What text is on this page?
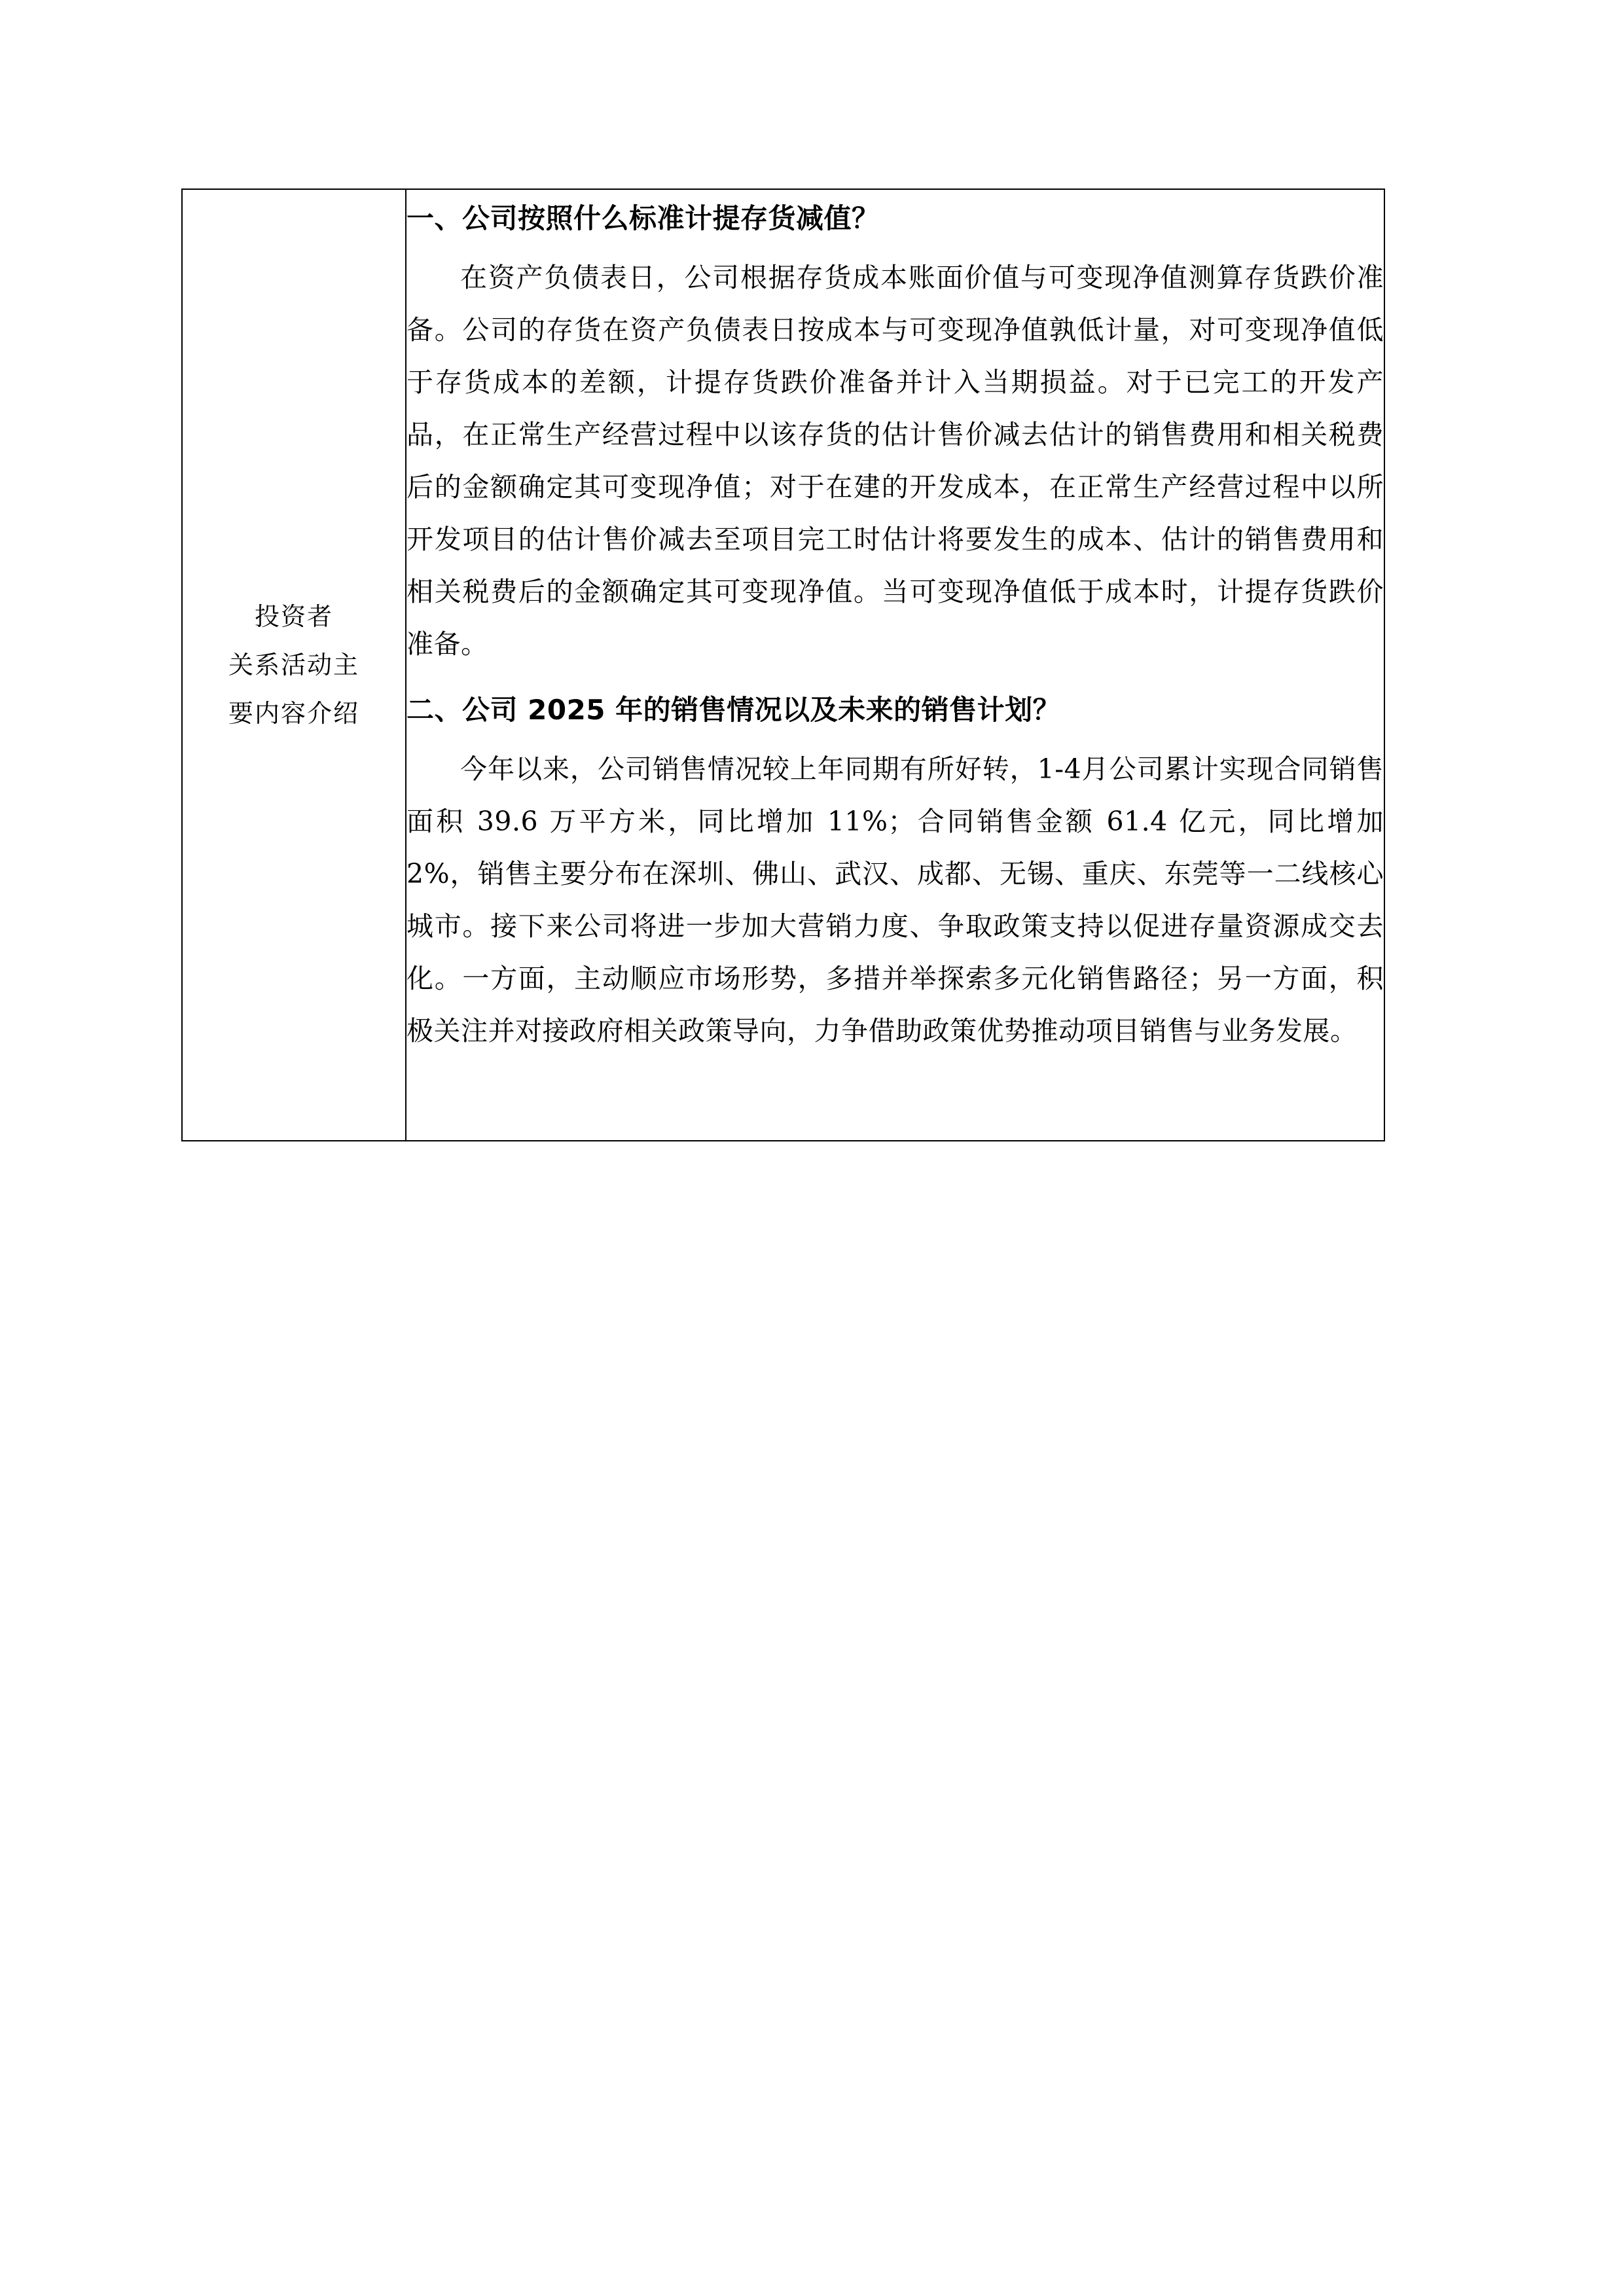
投资者
关系活动主
要内容介绍

一、公司按照什么标准计提存货减值？
在资产负债表日，公司根据存货成本账面价值与可变现净值测算存货跌价准备。公司的存货在资产负债表日按成本与可变现净值孰低计量，对可变现净值低于存货成本的差额，计提存货跌价准备并计入当期损益。对于已完工的开发产品，在正常生产经营过程中以该存货的估计售价减去估计的销售费用和相关税费后的金额确定其可变现净值；对于在建的开发成本，在正常生产经营过程中以所开发项目的估计售价减去至项目完工时估计将要发生的成本、估计的销售费用和相关税费后的金额确定其可变现净值。当可变现净值低于成本时，计提存货跌价准备。
二、公司 2025 年的销售情况以及未来的销售计划？
今年以来，公司销售情况较上年同期有所好转，1-4月公司累计实现合同销售面积 39.6 万平方米，同比增加 11%；合同销售金额 61.4 亿元，同比增加 2%，销售主要分布在深圳、佛山、武汉、成都、无锡、重庆、东莞等一二线核心城市。接下来公司将进一步加大营销力度、争取政策支持以促进存量资源成交去化。一方面，主动顺应市场形势，多措并举探索多元化销售路径；另一方面，积极关注并对接政府相关政策导向，力争借助政策优势推动项目销售与业务发展。
